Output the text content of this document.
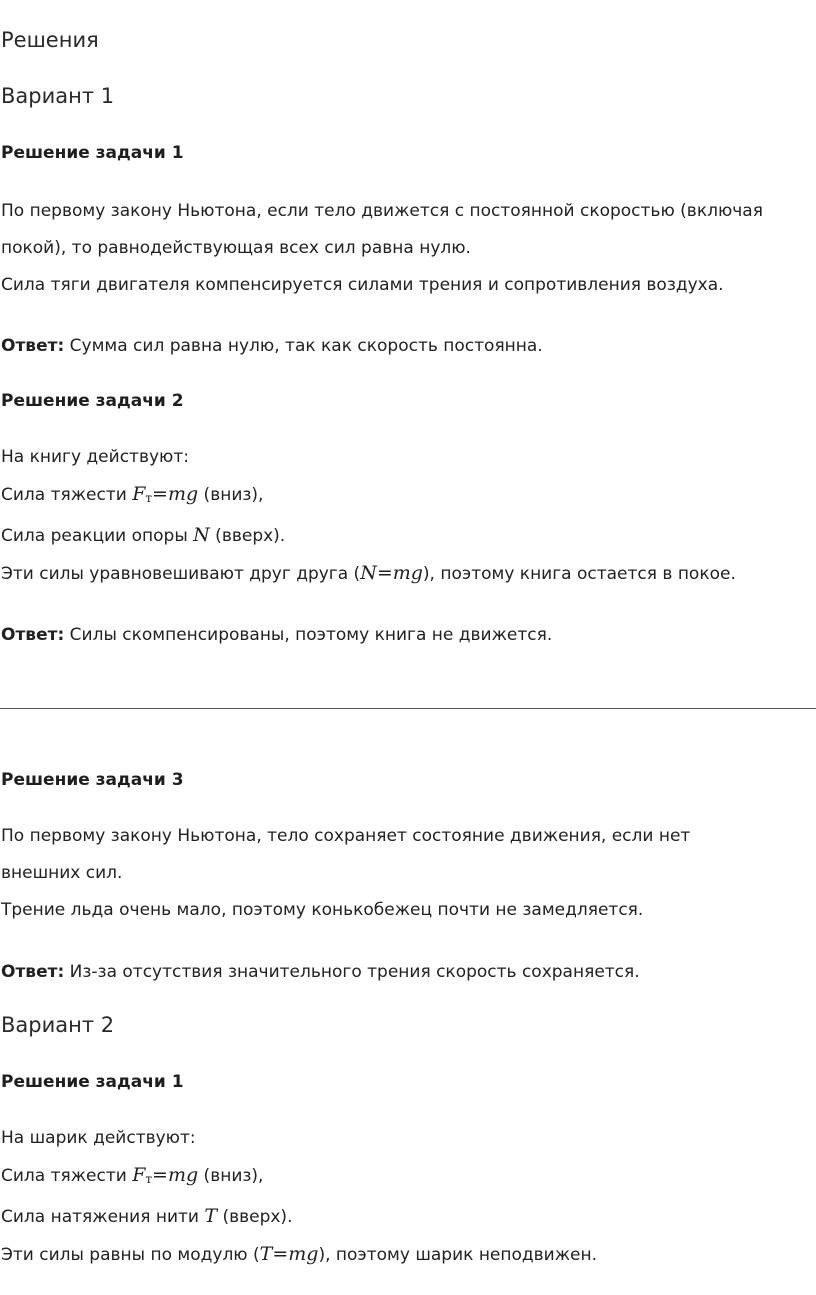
Решения
Вариант 1
Решение задачи 1
По первому закону Ньютона, если тело движется с постоянной скоростью (включая
покой), то равнодействующая всех сил равна нулю.
Сила тяги двигателя компенсируется силами трения и сопротивления воздуха.
Ответ: Сумма сил равна нулю, так как скорость постоянна.
Решение задачи 2
На книгу действуют:
Сила тяжести $F_т=mg$ (вниз),
Сила реакции опоры N (вверх).
Эти силы уравновешивают друг друга (N=mg), поэтому книга остается в покое.
Ответ: Силы скомпенсированы, поэтому книга не движется.
Решение задачи 3
По первому закону Ньютона, тело сохраняет состояние движения, если нет
внешних сил.
Трение льда очень мало, поэтому конькобежец почти не замедляется.
Ответ: Из-за отсутствия значительного трения скорость сохраняется.
Вариант 2
Решение задачи 1
На шарик действуют:
Сила тяжести $F_т=mg$ (вниз),
Сила натяжения нити T (вверх).
Эти силы равны по модулю (T=mg), поэтому шарик неподвижен.
